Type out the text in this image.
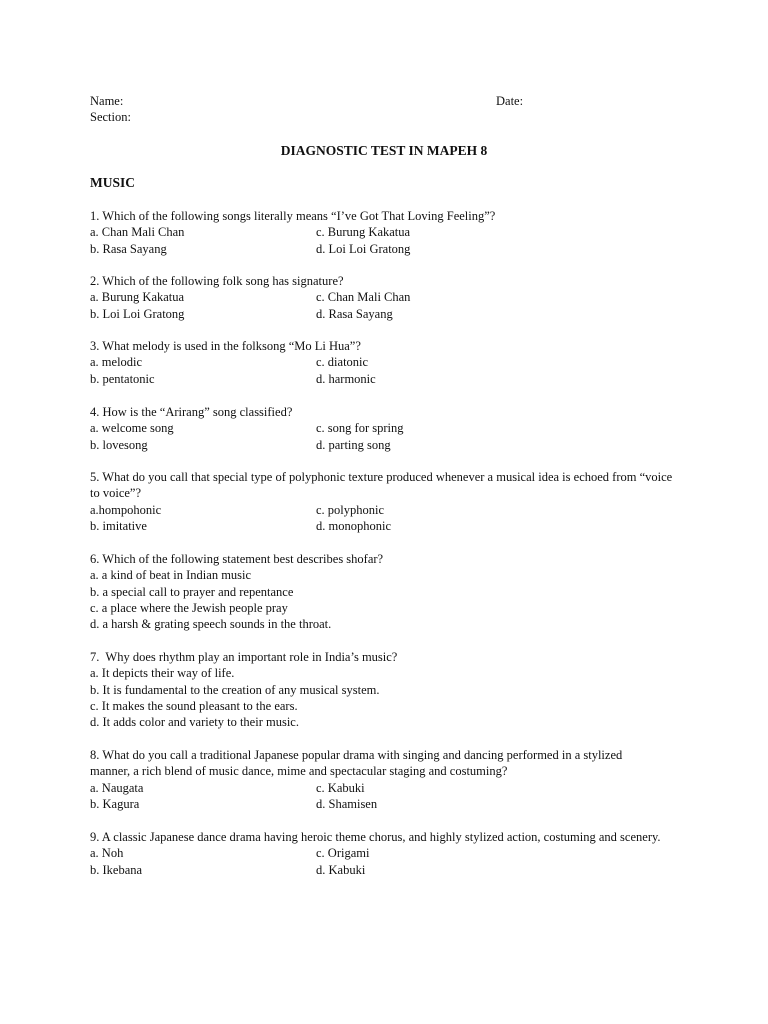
Name:	Date:
Section:
DIAGNOSTIC TEST IN MAPEH 8
MUSIC
1. Which of the following songs literally means “I’ve Got That Loving Feeling”?
a. Chan Mali Chan	c. Burung Kakatua
b. Rasa Sayang	d. Loi Loi Gratong
2. Which of the following folk song has signature?
a. Burung Kakatua	c. Chan Mali Chan
b. Loi Loi Gratong	d. Rasa Sayang
3. What melody is used in the folksong “Mo Li Hua”?
a. melodic	c. diatonic
b. pentatonic	d. harmonic
4. How is the “Arirang” song classified?
a. welcome song	c. song for spring
b. lovesong	d. parting song
5. What do you call that special type of polyphonic texture produced whenever a musical idea is echoed from “voice to voice”?
a.hompohonic	c. polyphonic
b. imitative	d. monophonic
6. Which of the following statement best describes shofar?
a. a kind of beat in Indian music
b. a special call to prayer and repentance
c. a place where the Jewish people pray
d. a harsh & grating speech sounds in the throat.
7.  Why does rhythm play an important role in India’s music?
a. It depicts their way of life.
b. It is fundamental to the creation of any musical system.
c. It makes the sound pleasant to the ears.
d. It adds color and variety to their music.
8. What do you call a traditional Japanese popular drama with singing and dancing performed in a stylized manner, a rich blend of music dance, mime and spectacular staging and costuming?
a. Naugata	c. Kabuki
b. Kagura	d. Shamisen
9. A classic Japanese dance drama having heroic theme chorus, and highly stylized action, costuming and scenery.
a. Noh	c. Origami
b. Ikebana	d. Kabuki
